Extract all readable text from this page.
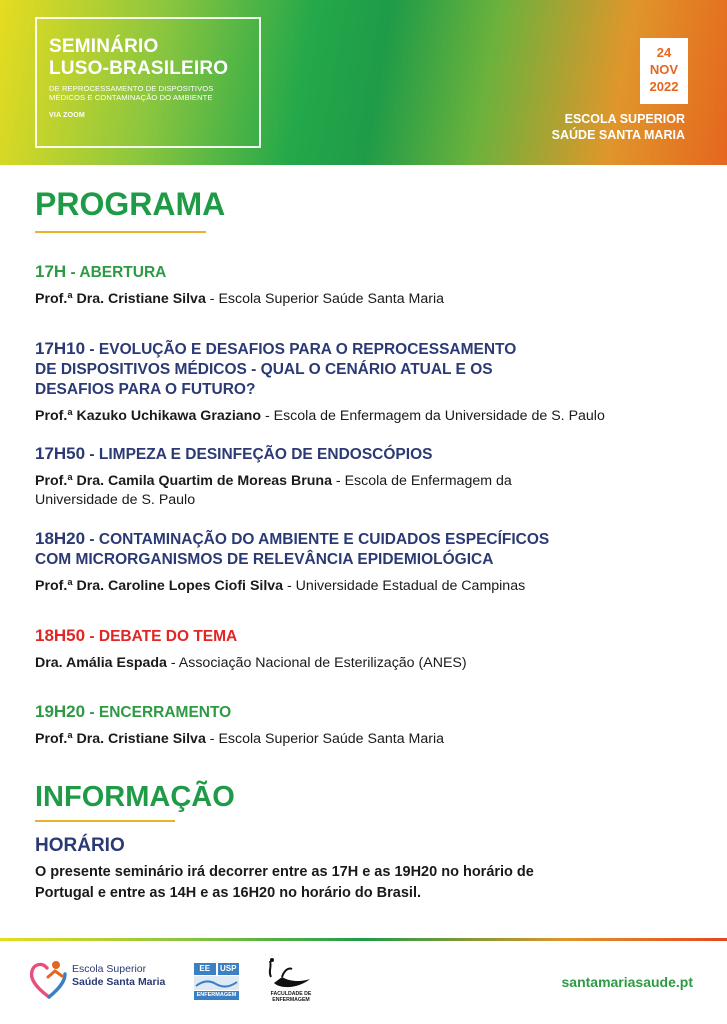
SEMINÁRIO
LUSO-BRASILEIRO
DE REPROCESSAMENTO DE DISPOSITIVOS
MÉDICOS E CONTAMINAÇÃO DO AMBIENTE
VIA ZOOM
24
NOV
2022
ESCOLA SUPERIOR
SAÚDE SANTA MARIA
PROGRAMA
17H - ABERTURA
Prof.ª Dra. Cristiane Silva - Escola Superior Saúde Santa Maria
17H10 - EVOLUÇÃO E DESAFIOS PARA O REPROCESSAMENTO
DE DISPOSITIVOS MÉDICOS - QUAL O CENÁRIO ATUAL E OS
DESAFIOS PARA O FUTURO?
Prof.ª Kazuko Uchikawa Graziano - Escola de Enfermagem da Universidade de S. Paulo
17H50 - LIMPEZA E DESINFEÇÃO DE ENDOSCÓPIOS
Prof.ª Dra. Camila Quartim de Moreas Bruna - Escola de Enfermagem da
Universidade de S. Paulo
18H20 - CONTAMINAÇÃO DO AMBIENTE E CUIDADOS ESPECÍFICOS
COM MICRORGANISMOS DE RELEVÂNCIA EPIDEMIOLÓGICA
Prof.ª Dra. Caroline Lopes Ciofi Silva - Universidade Estadual de Campinas
18H50 - DEBATE DO TEMA
Dra. Amália Espada - Associação Nacional de Esterilização (ANES)
19H20 - ENCERRAMENTO
Prof.ª Dra. Cristiane Silva - Escola Superior Saúde Santa Maria
INFORMAÇÃO
HORÁRIO
O presente seminário irá decorrer entre as 17H e as 19H20 no horário de
Portugal e entre as 14H e as 16H20 no horário do Brasil.
Escola Superior
Saúde Santa Maria
EE	USP
ENFERMAGEM	FACULDADE DE
ENFERMAGEM
santamariasaude.pt
